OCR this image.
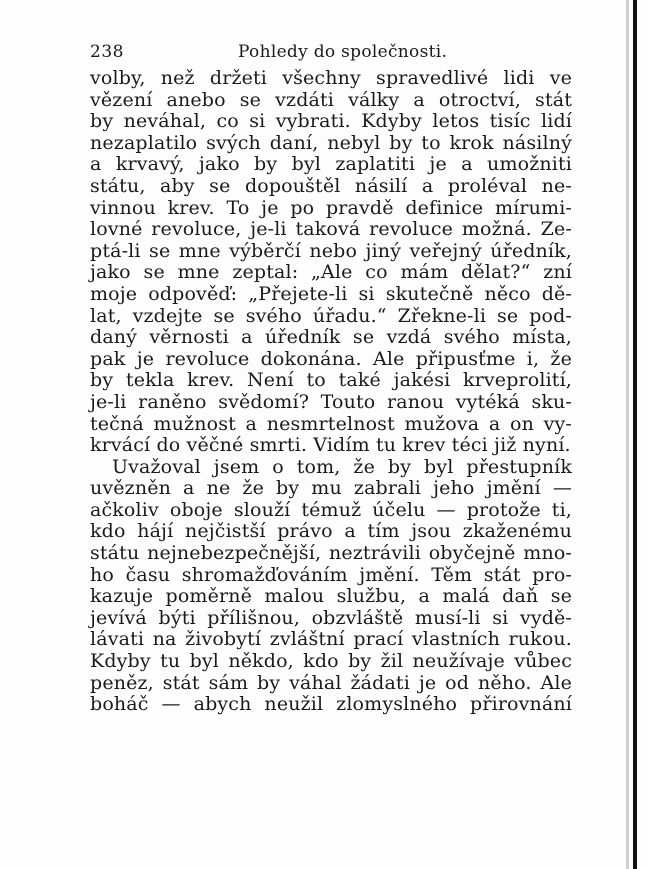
238	Pohledy do společnosti.
volby, než držeti všechny spravedlivé lidi ve
vězení anebo se vzdáti války a otroctví, stát
by neváhal, co si vybrati. Kdyby letos tisíc lidí
nezaplatilo svých daní, nebyl by to krok násilný
a krvavý, jako by byl zaplatiti je a umožniti
státu, aby se dopouštěl násilí a proléval ne-
vinnou krev. To je po pravdě definice mírumi-
lovné revoluce, je-li taková revoluce možná. Ze-
ptá-li se mne výběrčí nebo jiný veřejný úředník,
jako se mne zeptal: „Ale co mám dělat?“ zní
moje odpověď: „Přejete-li si skutečně něco dě-
lat, vzdejte se svého úřadu.“ Zřekne-li se pod-
daný věrnosti a úředník se vzdá svého místa,
pak je revoluce dokonána. Ale připusťme i, že
by tekla krev. Není to také jakési krveprolití,
je-li raněno svědomí? Touto ranou vytéká sku-
tečná mužnost a nesmrtelnost mužova a on vy-
krvácí do věčné smrti. Vidím tu krev téci již nyní.
Uvažoval jsem o tom, že by byl přestupník
uvězněn a ne že by mu zabrali jeho jmění —
ačkoliv oboje slouží témuž účelu — protože ti,
kdo hájí nejčistší právo a tím jsou zkaženému
státu nejnebezpečnější, neztrávili obyčejně mno-
ho času shromažďováním jmění. Těm stát pro-
kazuje poměrně malou službu, a malá daň se
jevívá býti přílišnou, obzvláště musí-li si vydě-
lávati na živobytí zvláštní prací vlastních rukou.
Kdyby tu byl někdo, kdo by žil neužívaje vůbec
peněz, stát sám by váhal žádati je od něho. Ale
boháč — abych neužil zlomyslného přirovnání
